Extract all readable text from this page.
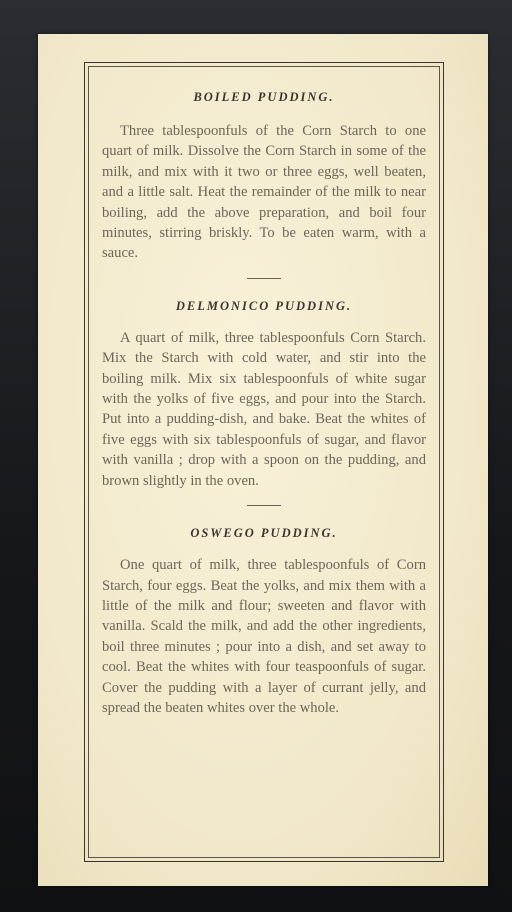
BOILED PUDDING.

Three tablespoonfuls of the Corn Starch to one quart of milk. Dissolve the Corn Starch in some of the milk, and mix with it two or three eggs, well beaten, and a little salt. Heat the remainder of the milk to near boiling, add the above preparation, and boil four minutes, stirring briskly. To be eaten warm, with a sauce.

DELMONICO PUDDING.

A quart of milk, three tablespoonfuls Corn Starch. Mix the Starch with cold water, and stir into the boiling milk. Mix six tablespoonfuls of white sugar with the yolks of five eggs, and pour into the Starch. Put into a pudding-dish, and bake. Beat the whites of five eggs with six tablespoonfuls of sugar, and flavor with vanilla ; drop with a spoon on the pudding, and brown slightly in the oven.

OSWEGO PUDDING.

One quart of milk, three tablespoonfuls of Corn Starch, four eggs. Beat the yolks, and mix them with a little of the milk and flour; sweeten and flavor with vanilla. Scald the milk, and add the other ingredients, boil three minutes ; pour into a dish, and set away to cool. Beat the whites with four teaspoonfuls of sugar. Cover the pudding with a layer of currant jelly, and spread the beaten whites over the whole.
